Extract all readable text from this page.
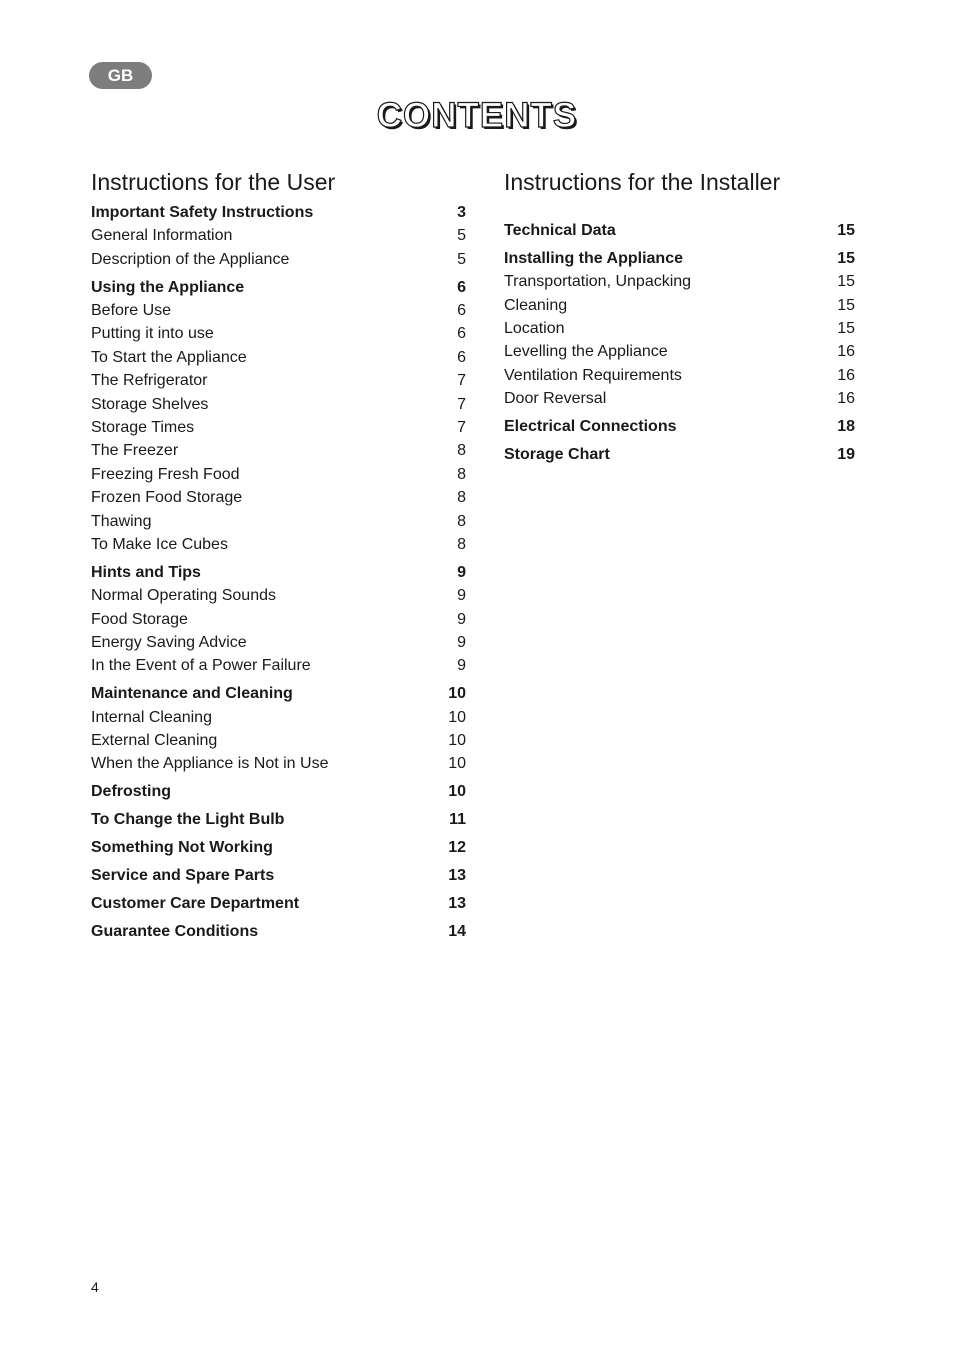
GB
CONTENTS
Instructions for the User
Important Safety Instructions	3
General Information	5
Description of the Appliance	5
Using the Appliance	6
Before Use	6
Putting it into use	6
To Start the Appliance	6
The Refrigerator	7
Storage Shelves	7
Storage Times	7
The Freezer	8
Freezing Fresh Food	8
Frozen Food Storage	8
Thawing	8
To Make Ice Cubes	8
Hints and Tips	9
Normal Operating Sounds	9
Food Storage	9
Energy Saving Advice	9
In the Event of a Power Failure	9
Maintenance and Cleaning	10
Internal Cleaning	10
External Cleaning	10
When the Appliance is Not in Use	10
Defrosting	10
To Change the Light Bulb	11
Something Not Working	12
Service and Spare Parts	13
Customer Care Department	13
Guarantee Conditions	14
Instructions for the Installer
Technical Data	15
Installing the Appliance	15
Transportation, Unpacking	15
Cleaning	15
Location	15
Levelling the Appliance	16
Ventilation Requirements	16
Door Reversal	16
Electrical Connections	18
Storage Chart	19
4
